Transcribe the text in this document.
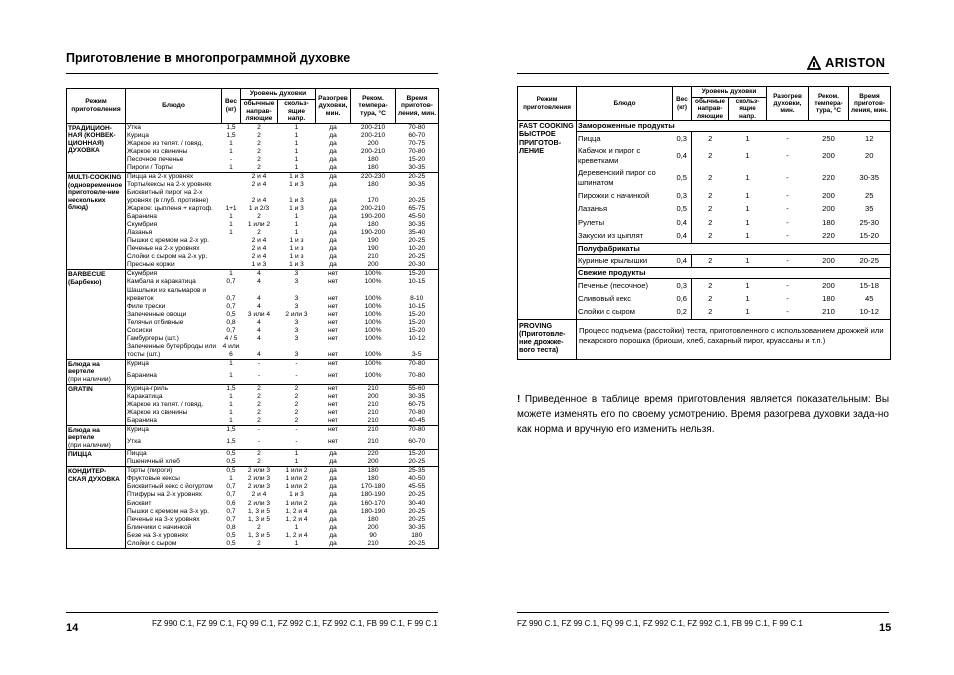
Приготовление в многопрограммной духовке
Режим приготовления	Блюдо	Вес (кг)	Уровень духовки		Разогрев духовки, мин.	Реком. темпера-тура, °C	Время приготов-ления, мин.
			обычные направ-ляющие	скольз-ящие напр.			

ТРАДИЦИОН-НАЯ (КОНВЕК-ЦИОННАЯ) ДУХОВКА	Утка	1,5	2	1	да	200-210	70-80
	Курица	1,5	2	1	да	200-210	60-70
	Жаркое из телят. / говяд.	1	2	1	да	200	70-75
	Жаркое из свинины	1	2	1	да	200-210	70-80
	Песочное печенье	-	2	1	да	180	15-20
	Пироги / Торты	1	2	1	да	180	30-35

MULTI-COOKING (одновременное приготовле-ние нескольких блюд)	Пицца на 2-х уровнях		2 и 4	1 и 3	да	220-230	20-25
	Торты/кексы на 2-х уровнях		2 и 4	1 и 3	да	180	30-35
	Бисквитный пирог на 2-х уровнях (в глуб. противне)		2 и 4	1 и 3	да	170	20-25
	Жаркое: цыпленя + картоф.	1+1	1 и 2/3	1 и 3	да	200-210	65-75
	Баранина	1	2	1	да	190-200	45-50
	Скумбрия	1	1 или 2	1	да	180	30-35
	Лазанья	1	2	1	да	190-200	35-40
	Пышки с кремом на 2-х ур.		2 и 4	1 и з	да	190	20-25
	Печенье на 2-х уровнях		2 и 4	1 и з	да	190	10-20
	Слойки с сыром на 2-х ур.		2 и 4	1 и з	да	210	20-25
	Пресные коржи		1 и 3	1 и 3	да	200	20-30

BARBECUE (Барбекю)	Скумбрия	1	4	3	нет	100%	15-20
	Камбала и каракатица	0,7	4	3	нет	100%	10-15
	Шашлыки из кальмаров и креветок	0,7	4	3	нет	100%	8-10
	Филе трески	0,7	4	3	нет	100%	10-15
	Запеченные овощи	0,5	3 или 4	2 или 3	нет	100%	15-20
	Телячьи отбивные	0,8	4	3	нет	100%	15-20
	Сосиски	0,7	4	3	нет	100%	15-20
	Гамбургеры (шт.)	4 / 5	4	3	нет	100%	10-12
	Запеченные бутерброды или тосты (шт.)	4 или 6	4	3	нет	100%	3-5

Блюда на вертеле
(при наличии)	Курица	1	-	-	нет	100%	70-80
	Баранина	1	-	-	нет	100%	70-80

GRATIN	Курица-гриль	1,5	2	2	нет	210	55-60
	Каракатица	1	2	2	нет	200	30-35
	Жаркое из телят. / говяд.	1	2	2	нет	210	60-75
	Жаркое из свинины	1	2	2	нет	210	70-80
	Баранина	1	2	2	нет	210	40-45

Блюда на вертеле
(при наличии)	Курица	1,5	-	-	нет	210	70-80
	Утка	1,5	-	-	нет	210	60-70

ПИЦЦА	Пицца	0,5	2	1	да	220	15-20
	Пшеничный хлеб	0,5	2	1	да	200	20-25

КОНДИТЕР-СКАЯ ДУХОВКА	Торты (пироги)	0,5	2 или 3	1 или 2	да	180	25-35
	Фруктовые кексы	1	2 или 3	1 или 2	да	180	40-50
	Бисквитный кекс с йогуртом	0,7	2 или 3	1 или 2	да	170-180	45-55
	Птифуры на 2-х уровнях	0,7	2 и 4	1 и 3	да	180-190	20-25
	Бисквит	0,6	2 или 3	1 или 2	да	160-170	30-40
	Пышки с кремом на 3-х ур.	0,7	1, 3 и 5	1, 2 и 4	да	180-190	20-25
	Печенье на 3-х уровнях	0,7	1, 3 и 5	1, 2 и 4	да	180	20-25
	Блинчики с начинкой	0,8	2	1	да	200	30-35
	Безе на 3-х уровнях	0,5	1, 3 и 5	1, 2 и 4	да	90	180
	Слойки с сыром	0,5	2	1	да	210	20-25
14	FZ 990 C.1, FZ 99 C.1, FQ 99 C.1, FZ 992 C.1, FZ 992 C.1, FB 99 C.1, F 99 C.1
ARISTON
Режим приготовления	Блюдо	Вес (кг)	Уровень духовки		Разогрев духовки, мин.	Реком. темпера-тура, °C	Время приготов-ления, мин.
			обычные направ-ляющие	скольз-ящие напр.			
FAST COOKING БЫСТРОЕ ПРИГОТОВ-ЛЕНИЕ	Замороженные продукты						
	Пицца	0,3	2	1	-	250	12
	Кабачок и пирог с креветками	0,4	2	1	-	200	20
	Деревенский пирог со шпинатом	0,5	2	1	-	220	30-35
	Пирожки с начинкой	0,3	2	1	-	200	25
	Лазанья	0,5	2	1	-	200	35
	Рулеты	0,4	2	1	-	180	25-30
	Закуски из цыплят	0,4	2	1	-	220	15-20
	Полуфабрикаты						
	Куриные крылышки	0,4	2	1	-	200	20-25
	Свежие продукты						
	Печенье (песочное)	0,3	2	1	-	200	15-18
	Сливовый кекс	0,6	2	1	-	180	45
	Слойки с сыром	0,2	2	1	-	210	10-12
PROVING (Приготовле-ние дрожже-вого теста)	Процесс подъема (расстойки) теста, приготовленного с использованием дрожжей или пекарского порошка (бриоши, хлеб, сахарный пирог, круассаны и т.п.)						
! Приведенное в таблице время приготовления является показательным: Вы можете изменять его по своему усмотрению. Время разогрева духовки зада-но как норма и вручную его изменить нельзя.
FZ 990 C.1, FZ 99 C.1, FQ 99 C.1, FZ 992 C.1, FZ 992 C.1, FB 99 C.1, F 99 C.1	15
